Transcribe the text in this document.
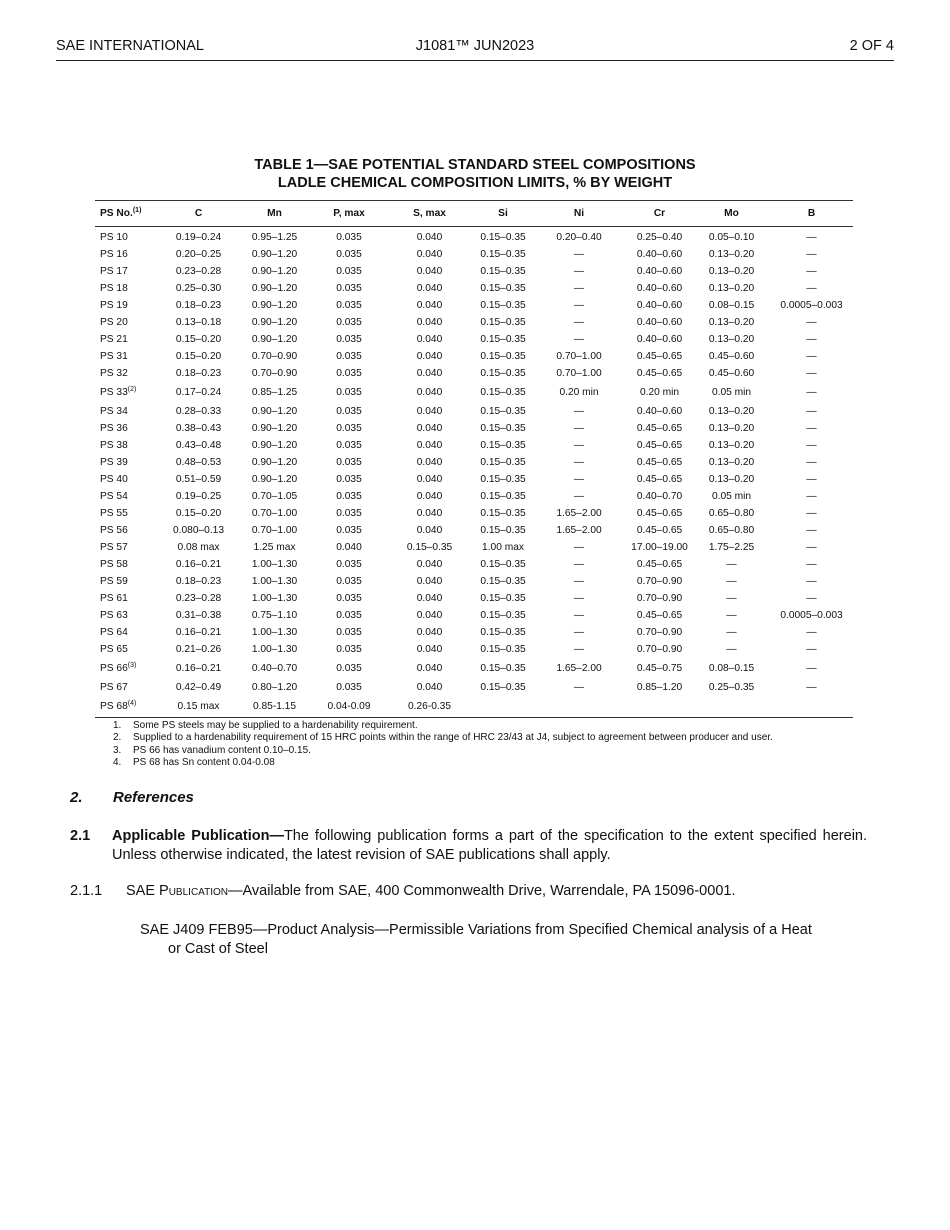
SAE INTERNATIONAL	J1081™ JUN2023	2 OF 4
TABLE 1—SAE POTENTIAL STANDARD STEEL COMPOSITIONS
LADLE CHEMICAL COMPOSITION LIMITS, % BY WEIGHT
PS No.$^{(1)}$	C	Mn	P, max	S, max	Si	Ni	Cr	Mo	B
PS 10	0.19–0.24	0.95–1.25	0.035	0.040	0.15–0.35	0.20–0.40	0.25–0.40	0.05–0.10	—
PS 16	0.20–0.25	0.90–1.20	0.035	0.040	0.15–0.35	—	0.40–0.60	0.13–0.20	—
PS 17	0.23–0.28	0.90–1.20	0.035	0.040	0.15–0.35	—	0.40–0.60	0.13–0.20	—
PS 18	0.25–0.30	0.90–1.20	0.035	0.040	0.15–0.35	—	0.40–0.60	0.13–0.20	—
PS 19	0.18–0.23	0.90–1.20	0.035	0.040	0.15–0.35	—	0.40–0.60	0.08–0.15	0.0005–0.003
PS 20	0.13–0.18	0.90–1.20	0.035	0.040	0.15–0.35	—	0.40–0.60	0.13–0.20	—
PS 21	0.15–0.20	0.90–1.20	0.035	0.040	0.15–0.35	—	0.40–0.60	0.13–0.20	—
PS 31	0.15–0.20	0.70–0.90	0.035	0.040	0.15–0.35	0.70–1.00	0.45–0.65	0.45–0.60	—
PS 32	0.18–0.23	0.70–0.90	0.035	0.040	0.15–0.35	0.70–1.00	0.45–0.65	0.45–0.60	—
PS 33$^{(2)}$	0.17–0.24	0.85–1.25	0.035	0.040	0.15–0.35	0.20 min	0.20 min	0.05 min	—
PS 34	0.28–0.33	0.90–1.20	0.035	0.040	0.15–0.35	—	0.40–0.60	0.13–0.20	—
PS 36	0.38–0.43	0.90–1.20	0.035	0.040	0.15–0.35	—	0.45–0.65	0.13–0.20	—
PS 38	0.43–0.48	0.90–1.20	0.035	0.040	0.15–0.35	—	0.45–0.65	0.13–0.20	—
PS 39	0.48–0.53	0.90–1.20	0.035	0.040	0.15–0.35	—	0.45–0.65	0.13–0.20	—
PS 40	0.51–0.59	0.90–1.20	0.035	0.040	0.15–0.35	—	0.45–0.65	0.13–0.20	—
PS 54	0.19–0.25	0.70–1.05	0.035	0.040	0.15–0.35	—	0.40–0.70	0.05 min	—
PS 55	0.15–0.20	0.70–1.00	0.035	0.040	0.15–0.35	1.65–2.00	0.45–0.65	0.65–0.80	—
PS 56	0.080–0.13	0.70–1.00	0.035	0.040	0.15–0.35	1.65–2.00	0.45–0.65	0.65–0.80	—
PS 57	0.08 max	1.25 max	0.040	0.15–0.35	1.00 max	—	17.00–19.00	1.75–2.25	—
PS 58	0.16–0.21	1.00–1.30	0.035	0.040	0.15–0.35	—	0.45–0.65	—	—
PS 59	0.18–0.23	1.00–1.30	0.035	0.040	0.15–0.35	—	0.70–0.90	—	—
PS 61	0.23–0.28	1.00–1.30	0.035	0.040	0.15–0.35	—	0.70–0.90	—	—
PS 63	0.31–0.38	0.75–1.10	0.035	0.040	0.15–0.35	—	0.45–0.65	—	0.0005–0.003
PS 64	0.16–0.21	1.00–1.30	0.035	0.040	0.15–0.35	—	0.70–0.90	—	—
PS 65	0.21–0.26	1.00–1.30	0.035	0.040	0.15–0.35	—	0.70–0.90	—	—
PS 66$^{(3)}$	0.16–0.21	0.40–0.70	0.035	0.040	0.15–0.35	1.65–2.00	0.45–0.75	0.08–0.15	—
PS 67	0.42–0.49	0.80–1.20	0.035	0.040	0.15–0.35	—	0.85–1.20	0.25–0.35	—
PS 68$^{(4)}$	0.15 max	0.85-1.15	0.04-0.09	0.26-0.35					
1.	Some PS steels may be supplied to a hardenability requirement.
2.	Supplied to a hardenability requirement of 15 HRC points within the range of HRC 23/43 at J4, subject to agreement between producer and user.
3.	PS 66 has vanadium content 0.10–0.15.
4.	PS 68 has Sn content 0.04-0.08
2. References
2.1 Applicable Publication—The following publication forms a part of the specification to the extent specified herein. Unless otherwise indicated, the latest revision of SAE publications shall apply.
2.1.1 SAE Publication—Available from SAE, 400 Commonwealth Drive, Warrendale, PA 15096-0001.
SAE J409 FEB95—Product Analysis—Permissible Variations from Specified Chemical analysis of a Heat
or Cast of Steel
